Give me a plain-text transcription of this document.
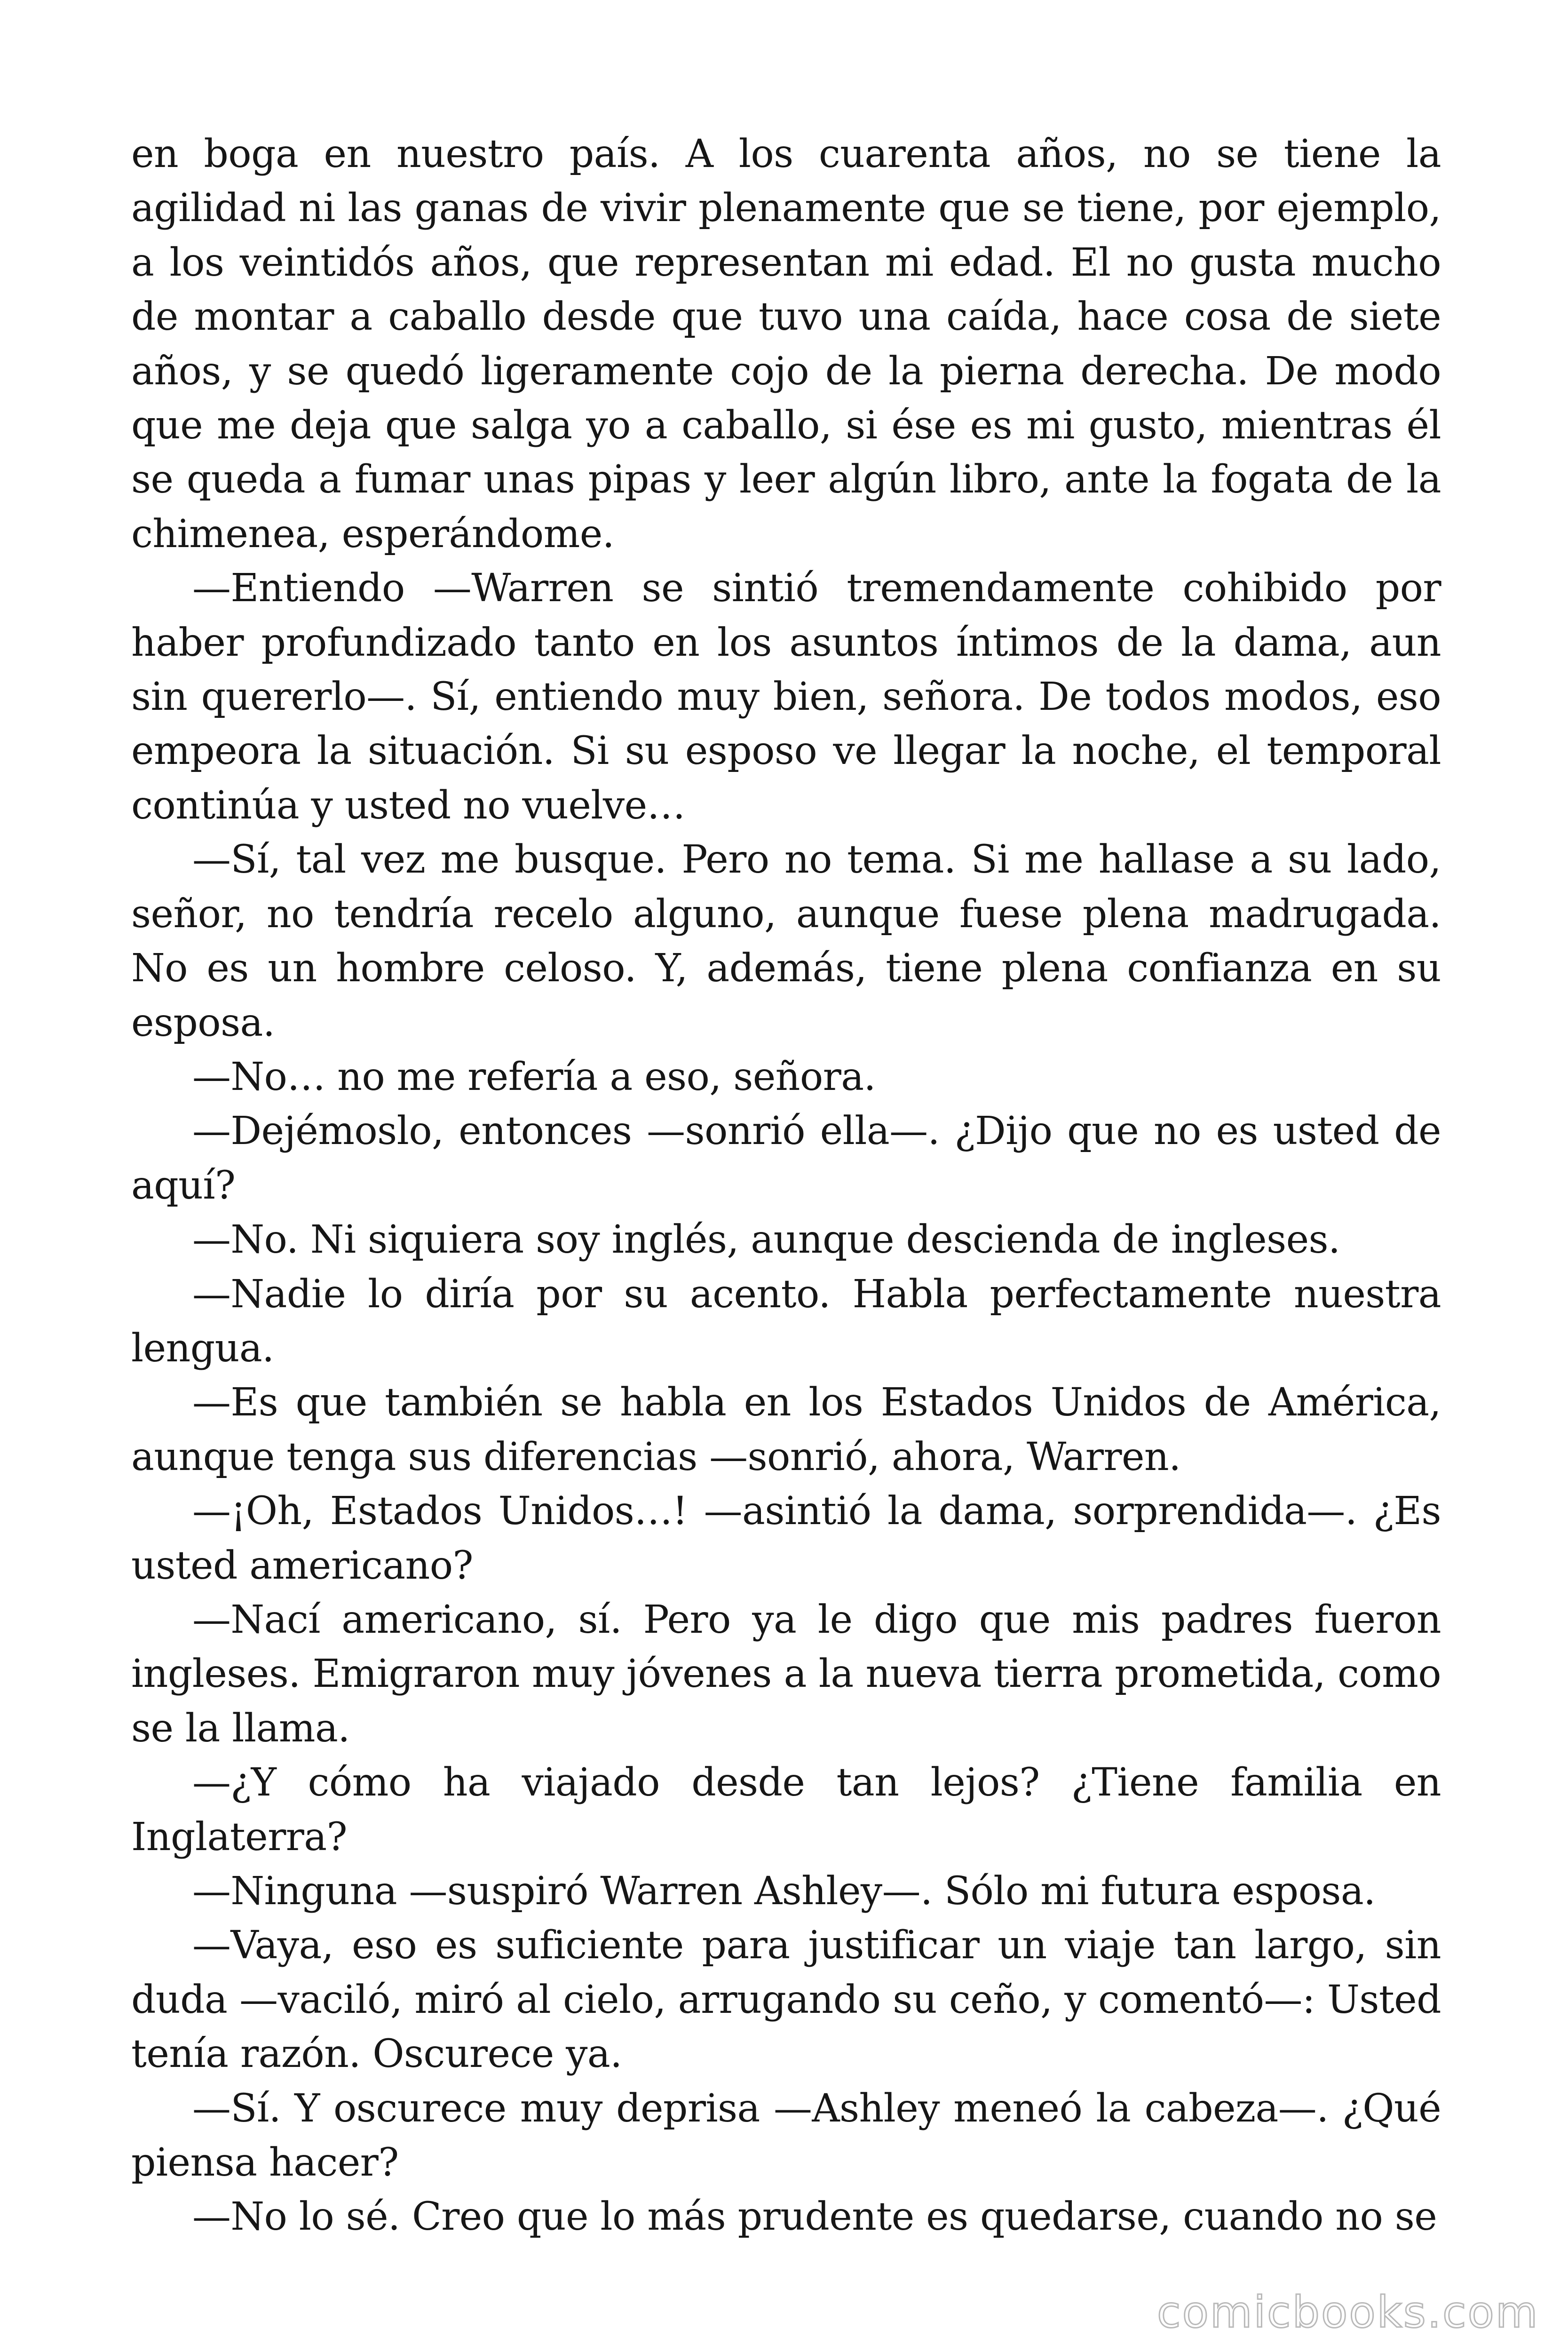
en boga en nuestro país. A los cuarenta años, no se tiene la agilidad ni las ganas de vivir plenamente que se tiene, por ejemplo, a los veintidós años, que representan mi edad. El no gusta mucho de montar a caballo desde que tuvo una caída, hace cosa de siete años, y se quedó ligeramente cojo de la pierna derecha. De modo que me deja que salga yo a caballo, si ése es mi gusto, mientras él se queda a fumar unas pipas y leer algún libro, ante la fogata de la chimenea, esperándome.

—Entiendo —Warren se sintió tremendamente cohibido por haber profundizado tanto en los asuntos íntimos de la dama, aun sin quererlo—. Sí, entiendo muy bien, señora. De todos modos, eso empeora la situación. Si su esposo ve llegar la noche, el temporal continúa y usted no vuelve…

—Sí, tal vez me busque. Pero no tema. Si me hallase a su lado, señor, no tendría recelo alguno, aunque fuese plena madrugada. No es un hombre celoso. Y, además, tiene plena confianza en su esposa.

—No… no me refería a eso, señora.

—Dejémoslo, entonces —sonrió ella—. ¿Dijo que no es usted de aquí?

—No. Ni siquiera soy inglés, aunque descienda de ingleses.

—Nadie lo diría por su acento. Habla perfectamente nuestra lengua.

—Es que también se habla en los Estados Unidos de América, aunque tenga sus diferencias —sonrió, ahora, Warren.

—¡Oh, Estados Unidos…! —asintió la dama, sorprendida—. ¿Es usted americano?

—Nací americano, sí. Pero ya le digo que mis padres fueron ingleses. Emigraron muy jóvenes a la nueva tierra prometida, como se la llama.

—¿Y cómo ha viajado desde tan lejos? ¿Tiene familia en Inglaterra?

—Ninguna —suspiró Warren Ashley—. Sólo mi futura esposa.

—Vaya, eso es suficiente para justificar un viaje tan largo, sin duda —vaciló, miró al cielo, arrugando su ceño, y comentó—: Usted tenía razón. Oscurece ya.

—Sí. Y oscurece muy deprisa —Ashley meneó la cabeza—. ¿Qué piensa hacer?

—No lo sé. Creo que lo más prudente es quedarse, cuando no se

comicbooks.com
